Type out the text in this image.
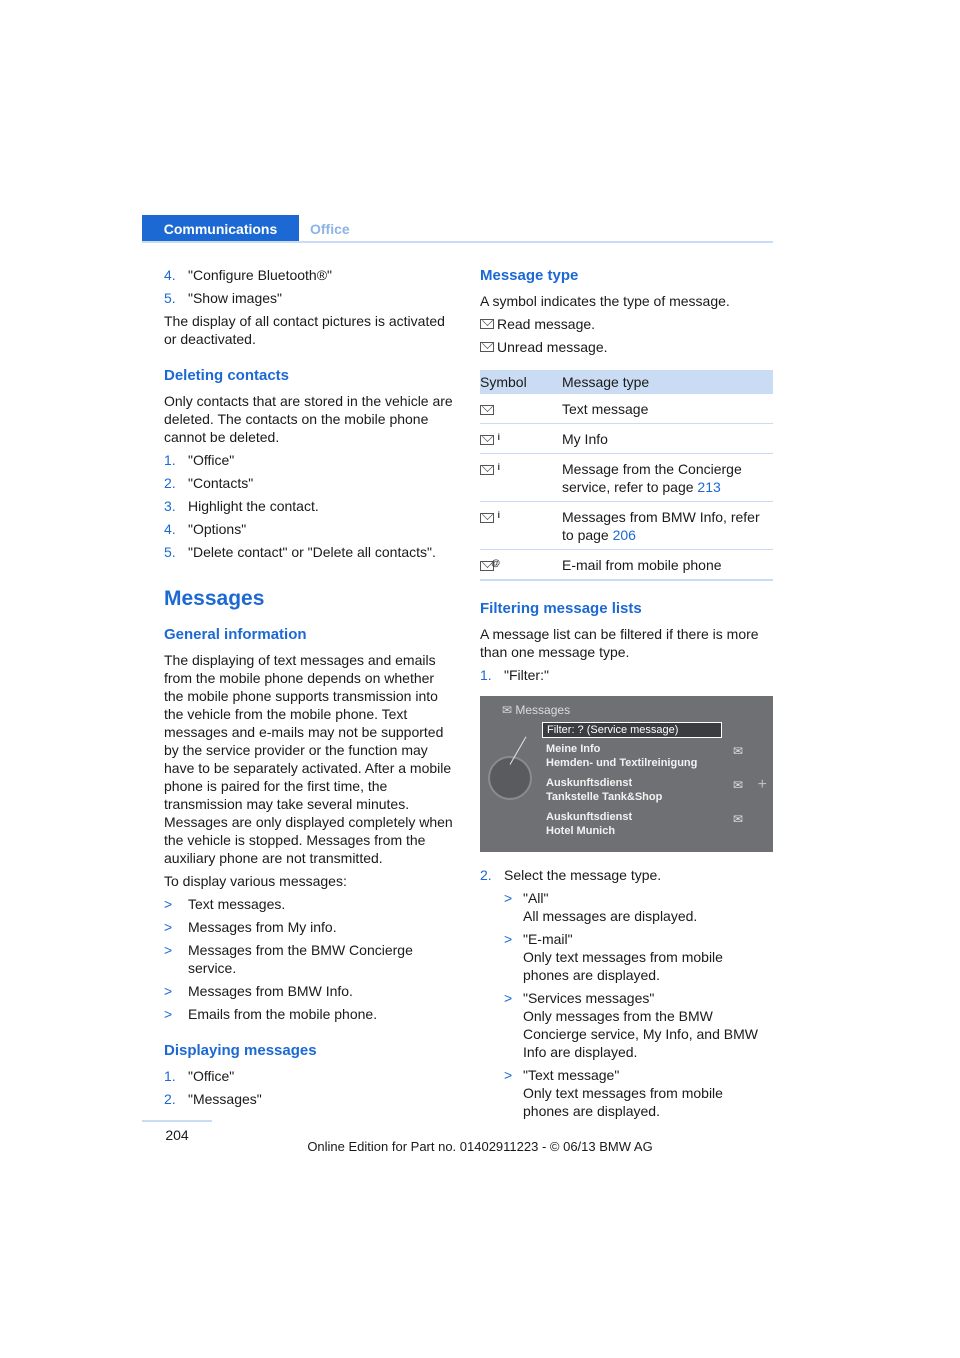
Communications	Office
4. "Configure Bluetooth®"
5. "Show images"

The display of all contact pictures is activated or deactivated.

Deleting contacts

Only contacts that are stored in the vehicle are deleted. The contacts on the mobile phone cannot be deleted.

1. "Office"
2. "Contacts"
3. Highlight the contact.
4. "Options"
5. "Delete contact" or "Delete all contacts".
Messages
General information

The displaying of text messages and emails from the mobile phone depends on whether the mobile phone supports transmission into the vehicle from the mobile phone. Text messages and e-mails may not be supported by the service provider or the function may have to be separately activated. After a mobile phone is paired for the first time, the transmission may take several minutes. Messages are only displayed completely when the vehicle is stopped. Messages from the auxiliary phone are not transmitted.

To display various messages:

>	Text messages.
>	Messages from My info.
>	Messages from the BMW Concierge service.
>	Messages from BMW Info.
>	Emails from the mobile phone.
Displaying messages
1. "Office"
2. "Messages"
Message type

A symbol indicates the type of message.

Read message.
Unread message.
Symbol	Message type
	Text message

i	My Info

i	Message from the Concierge service, refer to page 213

i	Messages from BMW Info, refer to page 206

@	E-mail from mobile phone
Filtering message lists

A message list can be filtered if there is more than one message type.

1. "Filter:"
✉ Messages
+
Filter: ? (Service message)
Meine Info
Hemden- und Textilreinigung
✉
Auskunftsdienst
Tankstelle Tank&Shop
✉
Auskunftsdienst
Hotel Munich
✉
2. Select the message type.
> "All"
All messages are displayed.
> "E-mail"
Only text messages from mobile phones are displayed.
> "Services messages"
Only messages from the BMW Concierge service, My Info, and BMW Info are displayed.
> "Text message"
Only text messages from mobile phones are displayed.
204
Online Edition for Part no. 01402911223 - © 06/13 BMW AG
